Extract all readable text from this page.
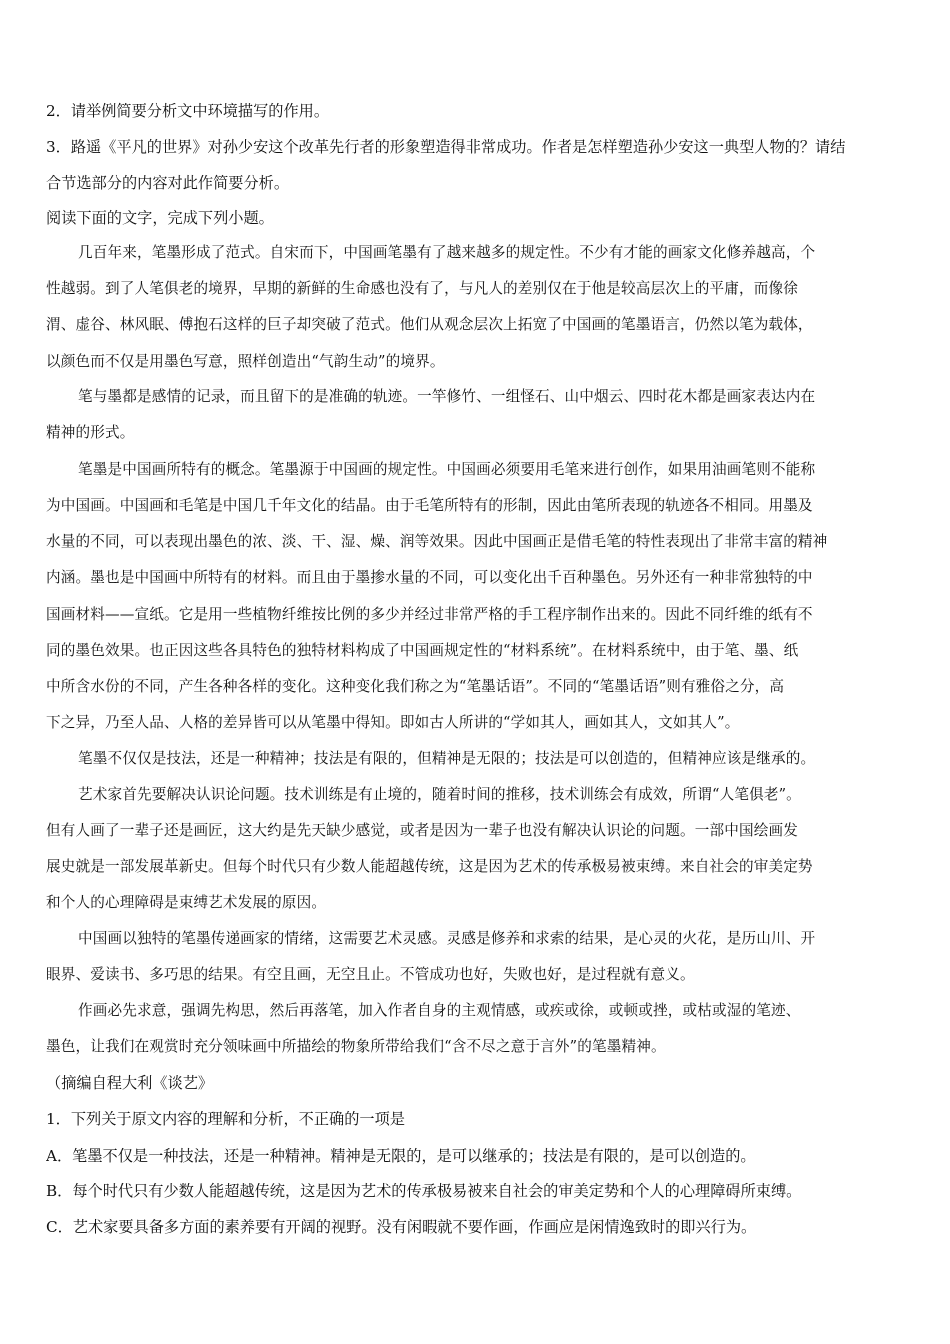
2．请举例简要分析文中环境描写的作用。

3．路遥《平凡的世界》对孙少安这个改革先行者的形象塑造得非常成功。作者是怎样塑造孙少安这一典型人物的？请结

合节选部分的内容对此作简要分析。

阅读下面的文字，完成下列小题。

几百年来，笔墨形成了范式。自宋而下，中国画笔墨有了越来越多的规定性。不少有才能的画家文化修养越高，个

性越弱。到了人笔俱老的境界，早期的新鲜的生命感也没有了，与凡人的差别仅在于他是较高层次上的平庸，而像徐

渭、虚谷、林风眠、傅抱石这样的巨子却突破了范式。他们从观念层次上拓宽了中国画的笔墨语言，仍然以笔为载体，

以颜色而不仅是用墨色写意，照样创造出“气韵生动”的境界。

笔与墨都是感情的记录，而且留下的是准确的轨迹。一竿修竹、一组怪石、山中烟云、四时花木都是画家表达内在

精神的形式。

笔墨是中国画所特有的概念。笔墨源于中国画的规定性。中国画必须要用毛笔来进行创作，如果用油画笔则不能称

为中国画。中国画和毛笔是中国几千年文化的结晶。由于毛笔所特有的形制，因此由笔所表现的轨迹各不相同。用墨及

水量的不同，可以表现出墨色的浓、淡、干、湿、燥、润等效果。因此中国画正是借毛笔的特性表现出了非常丰富的精神

内涵。墨也是中国画中所特有的材料。而且由于墨掺水量的不同，可以变化出千百种墨色。另外还有一种非常独特的中

国画材料——宣纸。它是用一些植物纤维按比例的多少并经过非常严格的手工程序制作出来的。因此不同纤维的纸有不

同的墨色效果。也正因这些各具特色的独特材料构成了中国画规定性的“材料系统”。在材料系统中，由于笔、墨、纸

中所含水份的不同，产生各种各样的变化。这种变化我们称之为“笔墨话语”。不同的“笔墨话语”则有雅俗之分，高

下之异，乃至人品、人格的差异皆可以从笔墨中得知。即如古人所讲的“学如其人，画如其人，文如其人”。

笔墨不仅仅是技法，还是一种精神；技法是有限的，但精神是无限的；技法是可以创造的，但精神应该是继承的。

艺术家首先要解决认识论问题。技术训练是有止境的，随着时间的推移，技术训练会有成效，所谓“人笔俱老”。

但有人画了一辈子还是画匠，这大约是先天缺少感觉，或者是因为一辈子也没有解决认识论的问题。一部中国绘画发

展史就是一部发展革新史。但每个时代只有少数人能超越传统，这是因为艺术的传承极易被束缚。来自社会的审美定势

和个人的心理障碍是束缚艺术发展的原因。

中国画以独特的笔墨传递画家的情绪，这需要艺术灵感。灵感是修养和求索的结果，是心灵的火花，是历山川、开

眼界、爱读书、多巧思的结果。有空且画，无空且止。不管成功也好，失败也好，是过程就有意义。

作画必先求意，强调先构思，然后再落笔，加入作者自身的主观情感，或疾或徐，或顿或挫，或枯或湿的笔迹、

墨色，让我们在观赏时充分领味画中所描绘的物象所带给我们“含不尽之意于言外”的笔墨精神。

（摘编自程大利《谈艺》

1．下列关于原文内容的理解和分析，不正确的一项是

A．笔墨不仅是一种技法，还是一种精神。精神是无限的，是可以继承的；技法是有限的，是可以创造的。

B．每个时代只有少数人能超越传统，这是因为艺术的传承极易被来自社会的审美定势和个人的心理障碍所束缚。

C．艺术家要具备多方面的素养要有开阔的视野。没有闲暇就不要作画，作画应是闲情逸致时的即兴行为。
